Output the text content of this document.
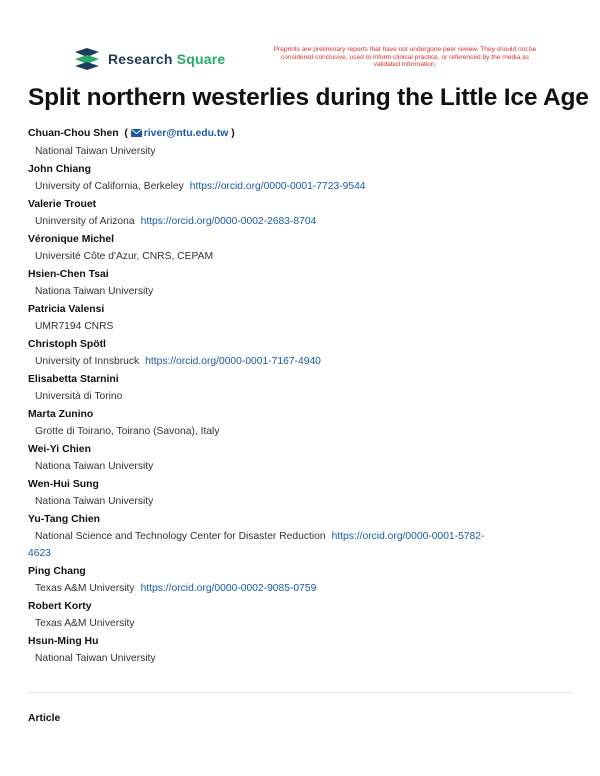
Research Square
Preprints are preliminary reports that have not undergone peer review. They should not be considered conclusive, used to inform clinical practice, or referenced by the media as validated information.
Split northern westerlies during the Little Ice Age
Chuan-Chou Shen  ( river@ntu.edu.tw )
National Taiwan University
John Chiang
University of California, Berkeley https://orcid.org/0000-0001-7723-9544
Valerie Trouet
Uninversity of Arizona https://orcid.org/0000-0002-2683-8704
Véronique Michel
Université Côte d'Azur, CNRS, CEPAM
Hsien-Chen Tsai
Nationa Taiwan University
Patricia Valensi
UMR7194 CNRS
Christoph Spötl
University of Innsbruck https://orcid.org/0000-0001-7167-4940
Elisabetta Starnini
Università di Torino
Marta Zunino
Grotte di Toirano, Toirano (Savona), Italy
Wei-Yi Chien
Nationa Taiwan University
Wen-Hui Sung
Nationa Taiwan University
Yu-Tang Chien
National Science and Technology Center for Disaster Reduction https://orcid.org/0000-0001-5782-
4623
Ping Chang
Texas A&M University https://orcid.org/0000-0002-9085-0759
Robert Korty
Texas A&M University
Hsun-Ming Hu
National Taiwan University
Article
